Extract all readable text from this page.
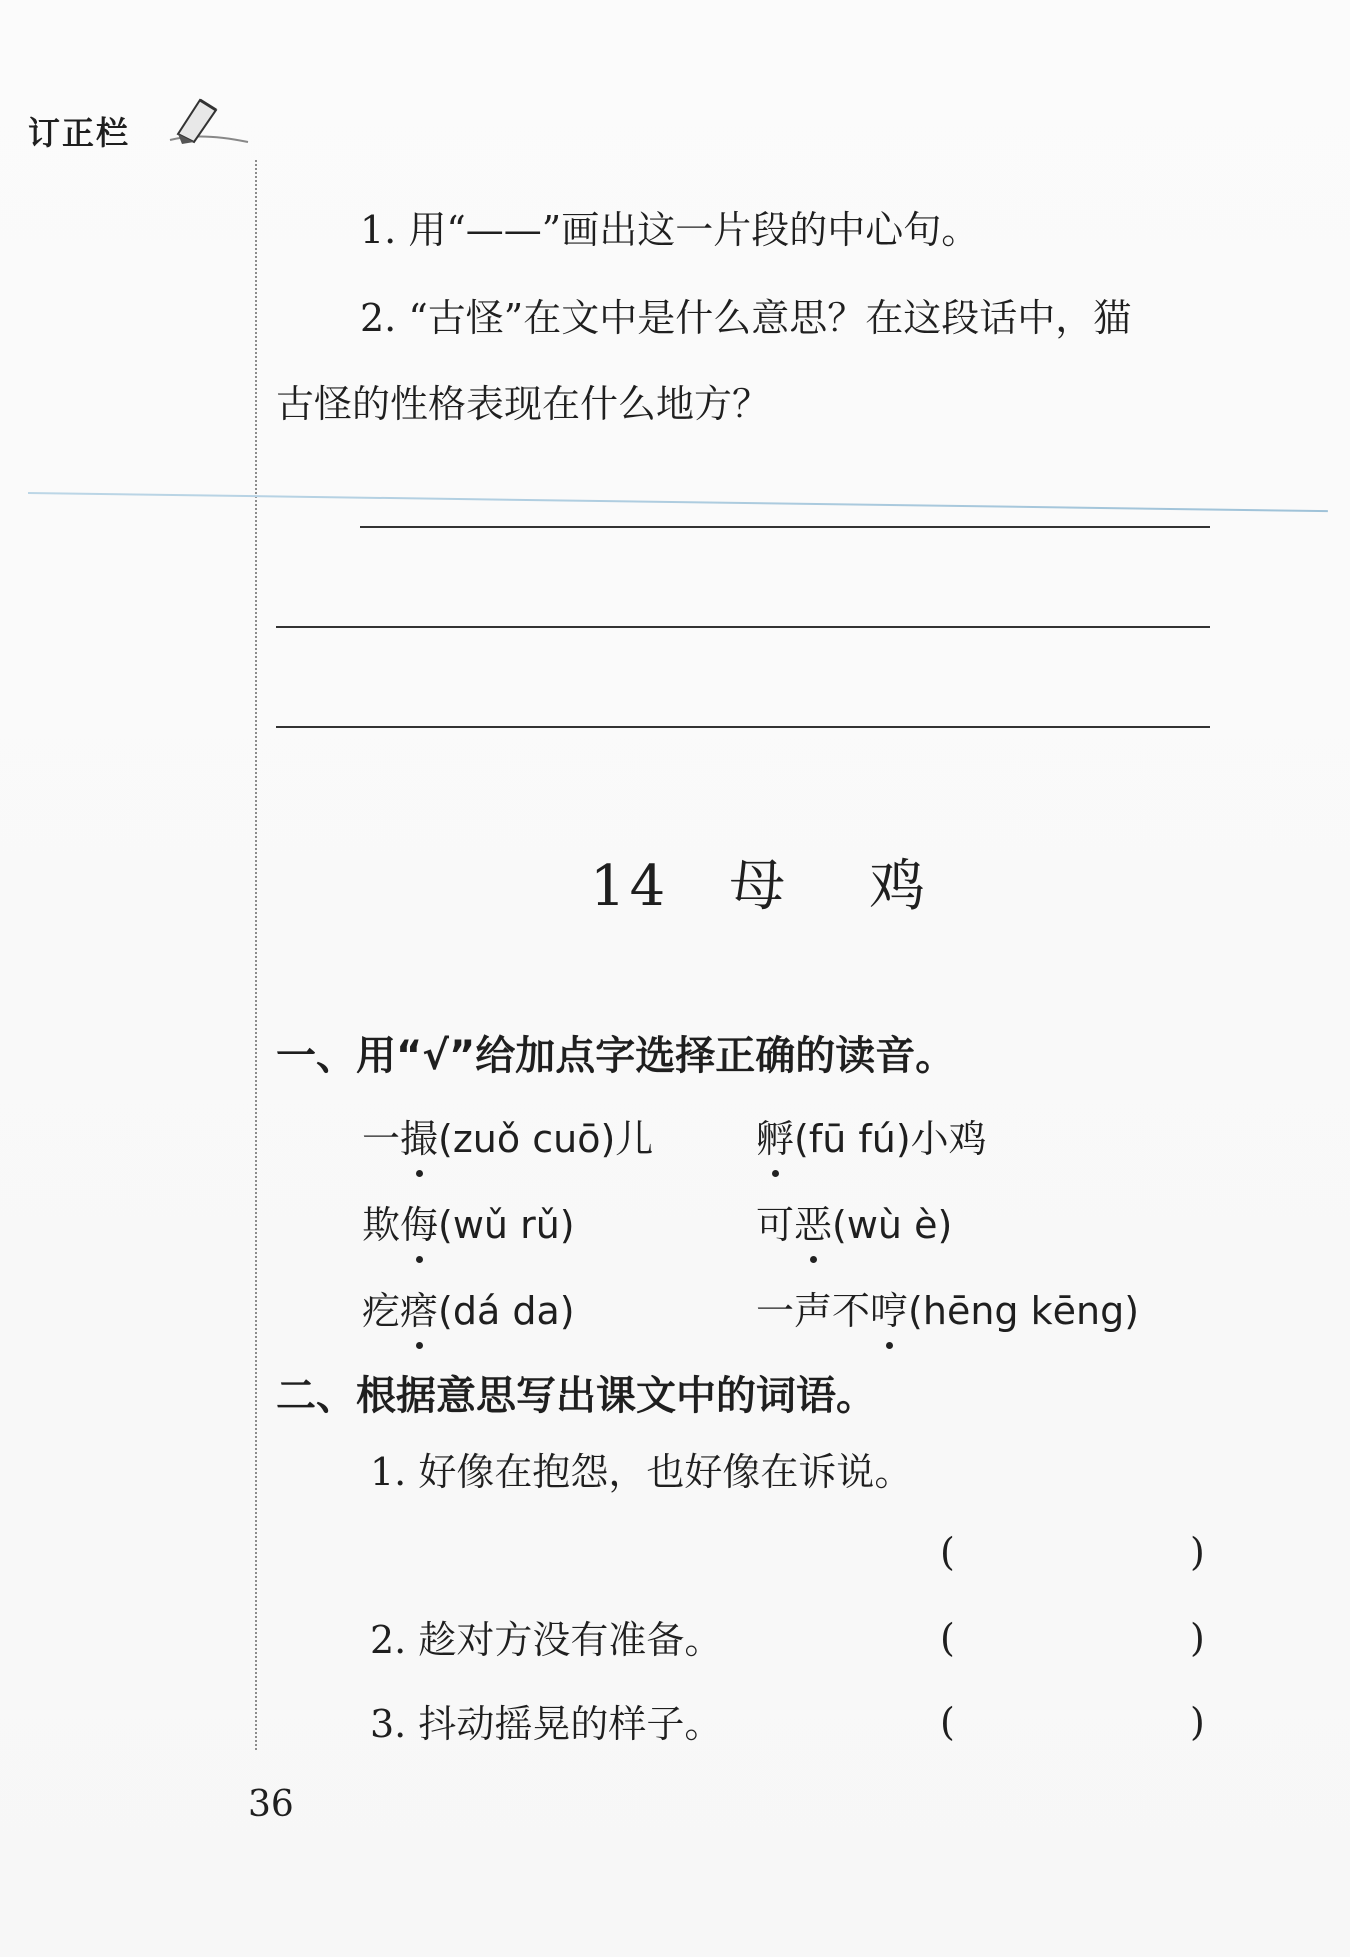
订正栏
1. 用“——”画出这一片段的中心句。
2. “古怪”在文中是什么意思？在这段话中，猫
古怪的性格表现在什么地方？
14 母 鸡
一、用“√”给加点字选择正确的读音。
一撮(zuǒ cuō)儿	孵(fū fú)小鸡
欺侮(wǔ rǔ)	可恶(wù è)
疙瘩(dá da)	一声不哼(hēng kēng)
二、根据意思写出课文中的词语。
1. 好像在抱怨，也好像在诉说。
(	)
2. 趁对方没有准备。	(	)
3. 抖动摇晃的样子。	(	)
36
